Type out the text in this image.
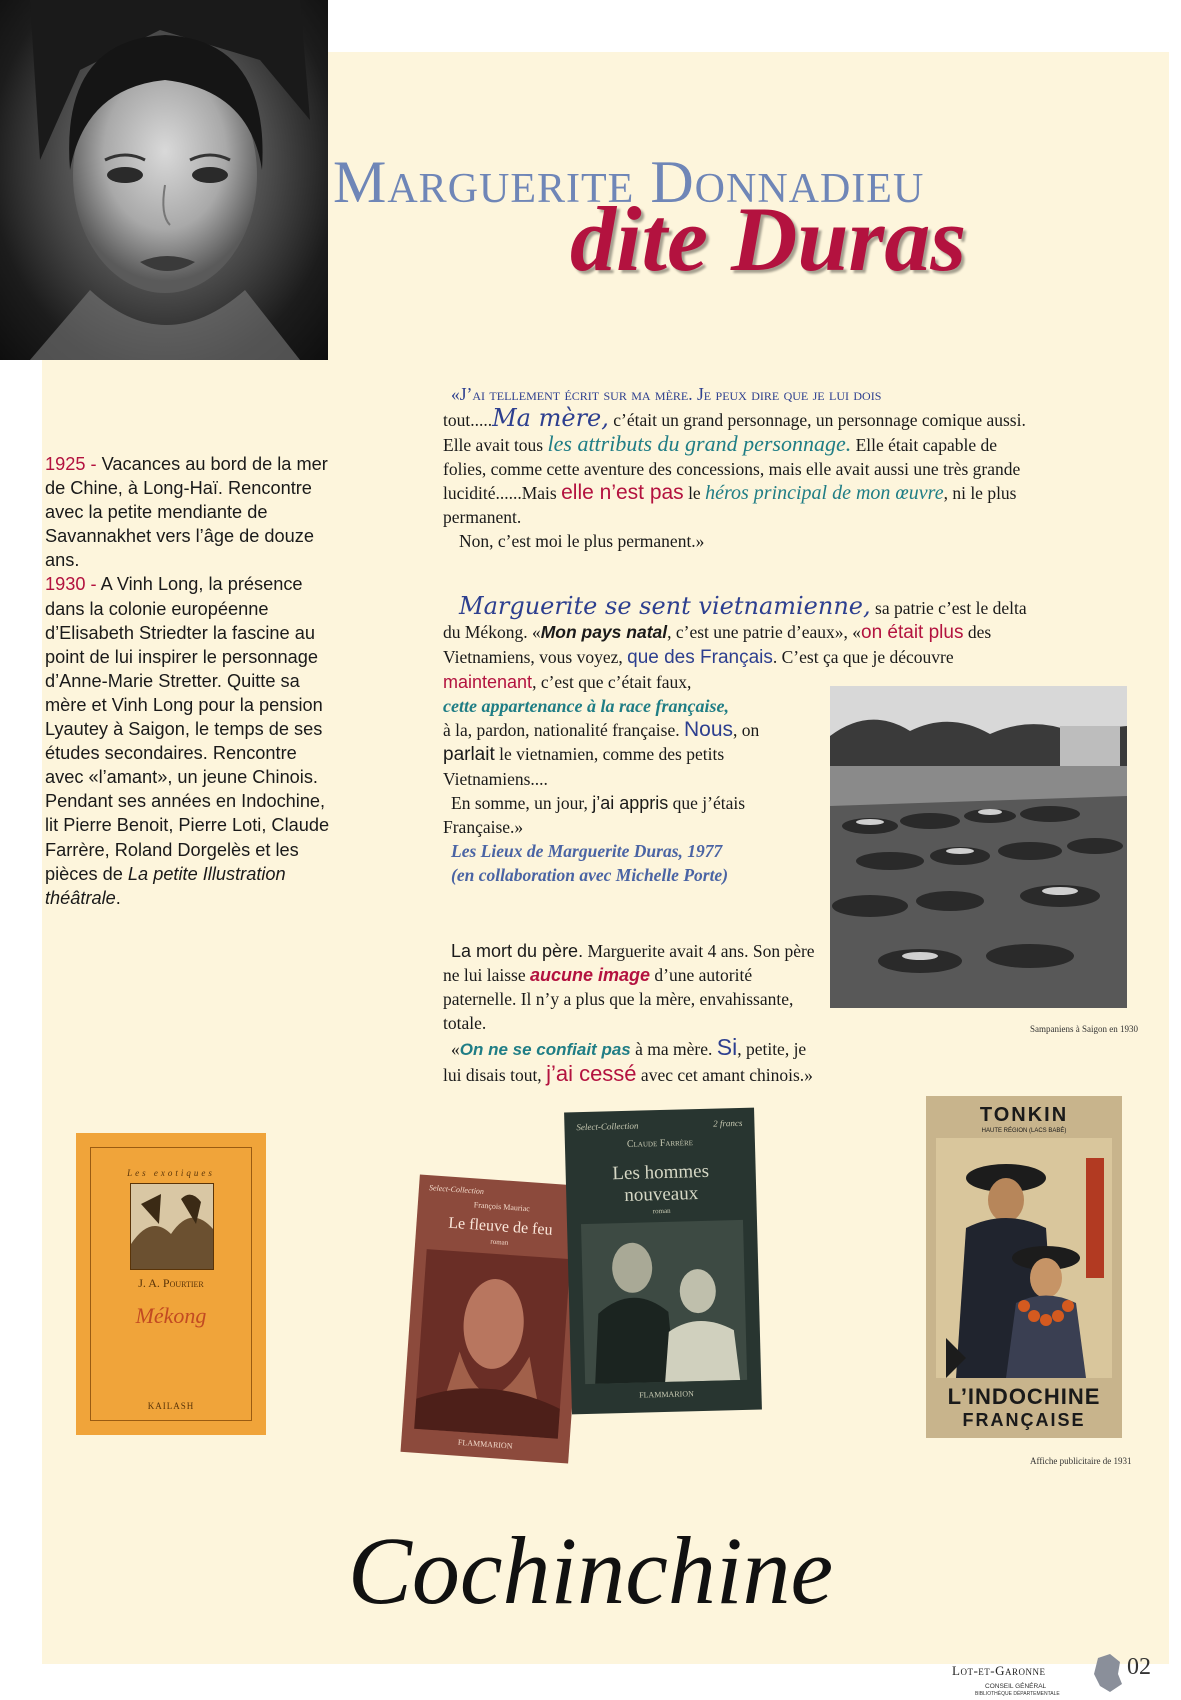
Marguerite Donnadieu
dite Duras
1925 - Vacances au bord de la mer de Chine, à Long-Haï. Rencontre avec la petite mendiante de Savannakhet vers l’âge de douze ans.
1930 - A Vinh Long, la présence dans la colonie européenne d’Elisabeth Striedter la fascine au point de lui inspirer le personnage d’Anne-Marie Stretter. Quitte sa mère et Vinh Long pour la pension Lyautey à Saigon, le temps de ses études secondaires. Rencontre avec «l’amant», un jeune Chinois. Pendant ses années en Indochine, lit Pierre Benoit, Pierre Loti, Claude Farrère, Roland Dorgelès et les pièces de La petite Illustration théâtrale.
«J’ai tellement écrit sur ma mère. Je peux dire que je lui dois
tout.....Ma mère, c’était un grand personnage, un personnage comique aussi. Elle avait tous les attributs du grand personnage. Elle était capable de folies, comme cette aventure des concessions, mais elle avait aussi une très grande lucidité......Mais elle n’est pas le héros principal de mon œuvre, ni le plus permanent.
Non, c’est moi le plus permanent.»
Marguerite se sent vietnamienne, sa patrie c’est le delta du Mékong. «Mon pays natal, c’est une patrie d’eaux», «on était plus des Vietnamiens, vous voyez, que des Français. C’est ça que je découvre maintenant, c’est que c’était faux,
cette appartenance à la race française,
à la, pardon, nationalité française. Nous, on parlait le vietnamien, comme des petits Vietnamiens....
En somme, un jour, j’ai appris que j’étais Française.»
Les Lieux de Marguerite Duras, 1977
(en collaboration avec Michelle Porte)
Sampaniens à Saigon en 1930
La mort du père. Marguerite avait 4 ans. Son père ne lui laisse aucune image d’une autorité paternelle. Il n’y a plus que la mère, envahissante, totale.
«On ne se confiait pas à ma mère. Si, petite, je lui disais tout, j’ai cessé avec cet amant chinois.»
Les exotiques
J. A. Pourtier
Mékong
KAILASH
Select-Collection
François Mauriac
Le fleuve de feu
roman
FLAMMARION
Select-Collection	2 francs
Claude Farrère
Les hommes
nouveaux
roman
FLAMMARION
TONKIN
HAUTE RÉGION (LACS BABÉ)
L’INDOCHINE
FRANÇAISE
Affiche publicitaire de 1931
Cochinchine
Lot-et-Garonne
CONSEIL GÉNÉRAL
BIBLIOTHÈQUE DÉPARTEMENTALE
02
